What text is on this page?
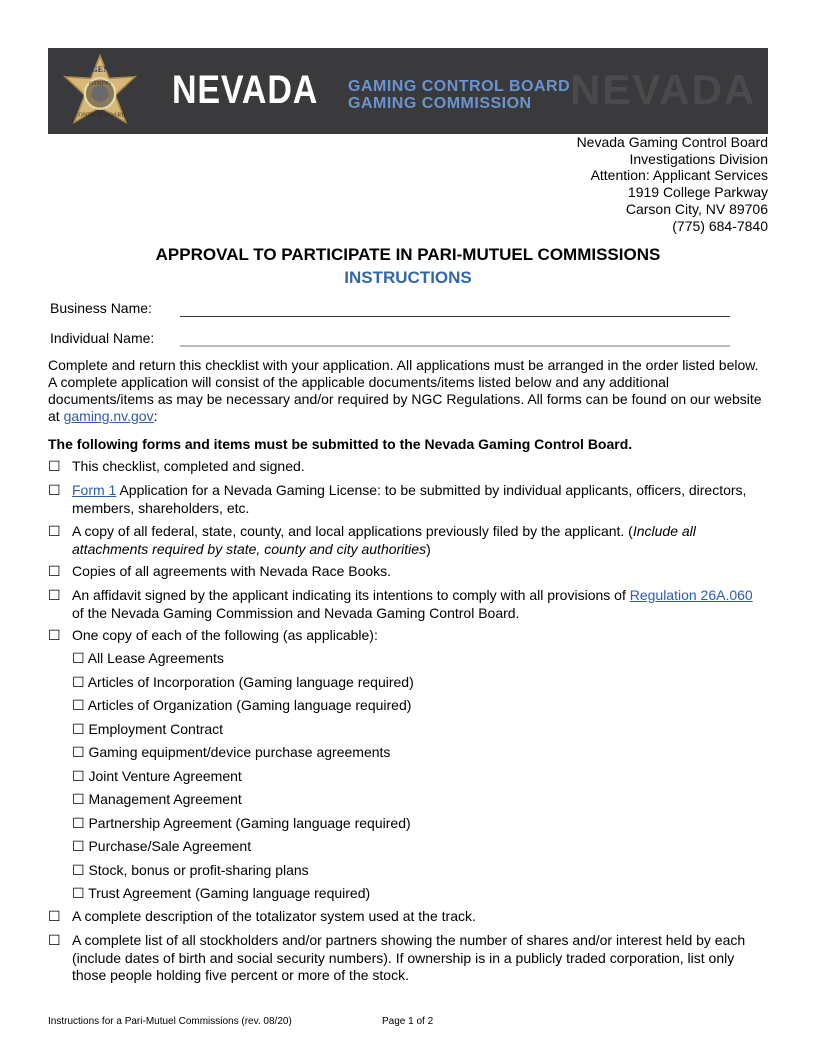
NEVADA
AGENT
GAMING
CONTROL BOARD
NEVADA GAMING CONTROL BOARD
GAMING COMMISSION
Nevada Gaming Control Board
Investigations Division
Attention: Applicant Services
1919 College Parkway
Carson City, NV 89706
(775) 684-7840
APPROVAL TO PARTICIPATE IN PARI-MUTUEL COMMISSIONS
INSTRUCTIONS
Business Name:
Individual Name:
Complete and return this checklist with your application. All applications must be arranged in the order listed below. A complete application will consist of the applicable documents/items listed below and any additional documents/items as may be necessary and/or required by NGC Regulations. All forms can be found on our website at gaming.nv.gov:
The following forms and items must be submitted to the Nevada Gaming Control Board.
☐ This checklist, completed and signed.
☐ Form 1 Application for a Nevada Gaming License: to be submitted by individual applicants, officers, directors, members, shareholders, etc.
☐ A copy of all federal, state, county, and local applications previously filed by the applicant. (Include all attachments required by state, county and city authorities)
☐ Copies of all agreements with Nevada Race Books.
☐ An affidavit signed by the applicant indicating its intentions to comply with all provisions of Regulation 26A.060 of the Nevada Gaming Commission and Nevada Gaming Control Board.
☐ One copy of each of the following (as applicable):
☐ All Lease Agreements
☐ Articles of Incorporation (Gaming language required)
☐ Articles of Organization (Gaming language required)
☐ Employment Contract
☐ Gaming equipment/device purchase agreements
☐ Joint Venture Agreement
☐ Management Agreement
☐ Partnership Agreement (Gaming language required)
☐ Purchase/Sale Agreement
☐ Stock, bonus or profit-sharing plans
☐ Trust Agreement (Gaming language required)
☐ A complete description of the totalizator system used at the track.
☐ A complete list of all stockholders and/or partners showing the number of shares and/or interest held by each (include dates of birth and social security numbers). If ownership is in a publicly traded corporation, list only those people holding five percent or more of the stock.
Instructions for a Pari-Mutuel Commissions (rev. 08/20)	Page 1 of 2
